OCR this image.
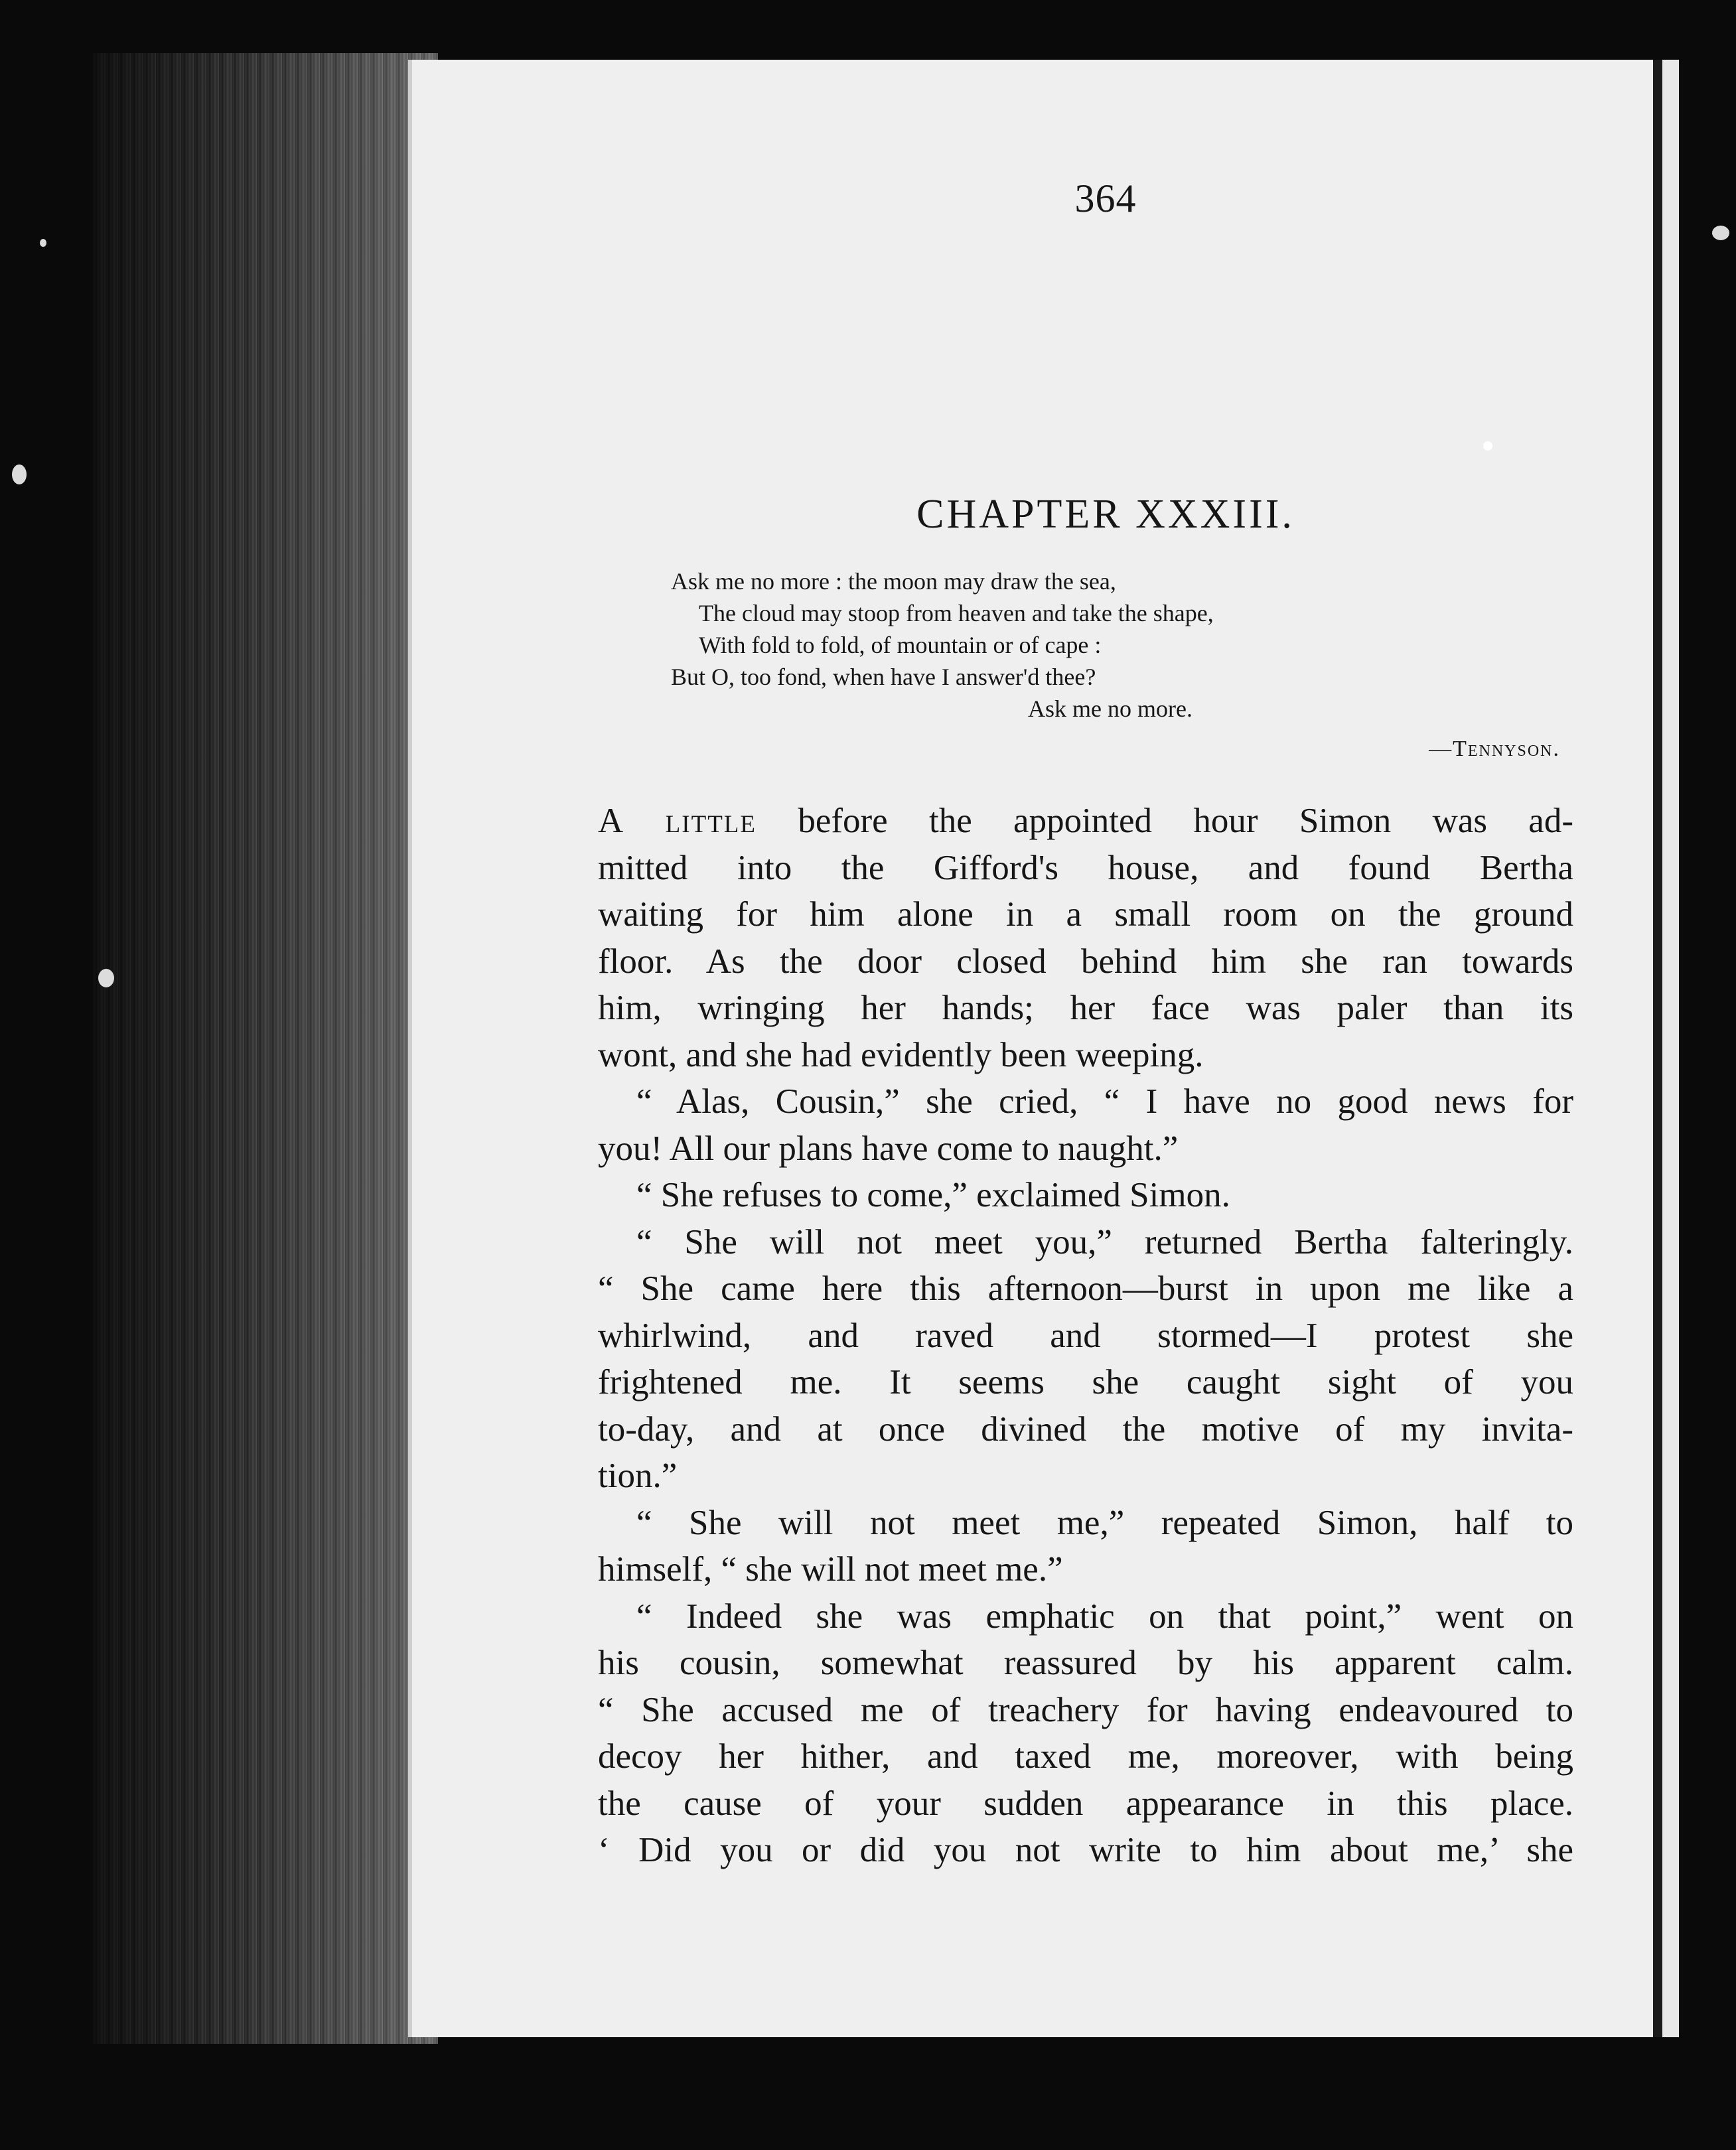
364
CHAPTER XXXIII.
Ask me no more : the moon may draw the sea,
The cloud may stoop from heaven and take the shape,
With fold to fold, of mountain or of cape :
But O, too fond, when have I answer'd thee?
Ask me no more.
—Tennyson.
A little before the appointed hour Simon was ad-
mitted into the Gifford's house, and found Bertha
waiting for him alone in a small room on the ground
floor. As the door closed behind him she ran towards
him, wringing her hands; her face was paler than its
wont, and she had evidently been weeping.
“ Alas, Cousin,” she cried, “ I have no good news for
you! All our plans have come to naught.”
“ She refuses to come,” exclaimed Simon.
“ She will not meet you,” returned Bertha falteringly.
“ She came here this afternoon—burst in upon me like a
whirlwind, and raved and stormed—I protest she
frightened me. It seems she caught sight of you
to-day, and at once divined the motive of my invita-
tion.”
“ She will not meet me,” repeated Simon, half to
himself, “ she will not meet me.”
“ Indeed she was emphatic on that point,” went on
his cousin, somewhat reassured by his apparent calm.
“ She accused me of treachery for having endeavoured to
decoy her hither, and taxed me, moreover, with being
the cause of your sudden appearance in this place.
‘ Did you or did you not write to him about me,’ she
